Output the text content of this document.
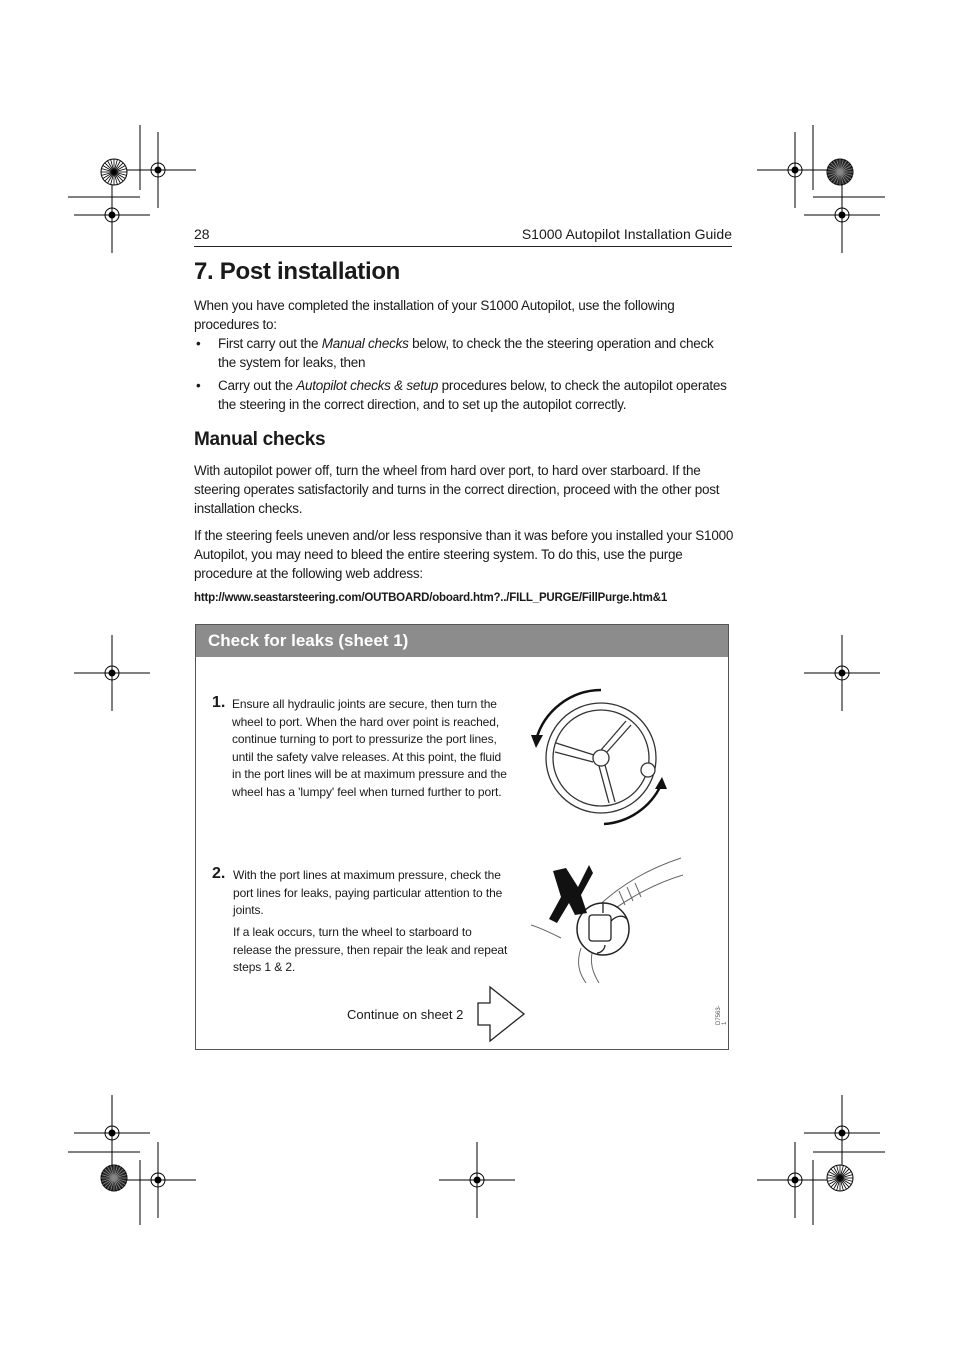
28	S1000 Autopilot Installation Guide
7. Post installation
When you have completed the installation of your S1000 Autopilot, use the following procedures to:
• First carry out the Manual checks below, to check the the steering operation and check the system for leaks, then
• Carry out the Autopilot checks & setup procedures below, to check the autopilot operates the steering in the correct direction, and to set up the autopilot correctly.
Manual checks
With autopilot power off, turn the wheel from hard over port, to hard over starboard. If the steering operates satisfactorily and turns in the correct direction, proceed with the other post installation checks.
If the steering feels uneven and/or less responsive than it was before you installed your S1000 Autopilot, you may need to bleed the entire steering system. To do this, use the purge procedure at the following web address:
http://www.seastarsteering.com/OUTBOARD/oboard.htm?../FILL_PURGE/FillPurge.htm&1
Check for leaks (sheet 1)
1. Ensure all hydraulic joints are secure, then turn the wheel to port. When the hard over point is reached, continue turning to port to pressurize the port lines, until the safety valve releases. At this point, the fluid in the port lines will be at maximum pressure and the wheel has a 'lumpy' feel when turned further to port.
2. With the port lines at maximum pressure, check the port lines for leaks, paying particular attention to the joints.
If a leak occurs, turn the wheel to starboard to release the pressure, then repair the leak and repeat steps 1 & 2.
Continue on sheet 2	D7563-1
